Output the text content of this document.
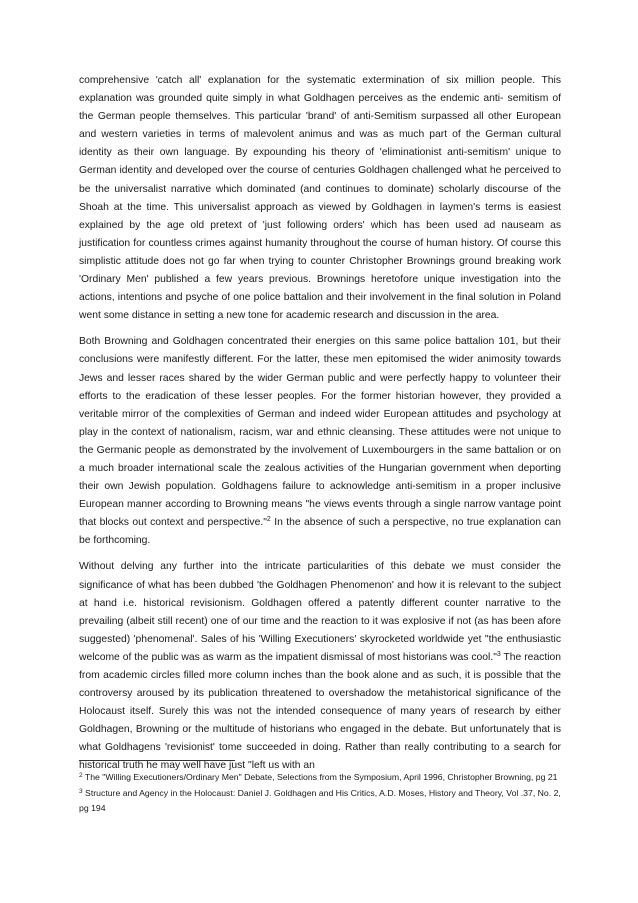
comprehensive 'catch all' explanation for the systematic extermination of six million people. This explanation was grounded quite simply in what Goldhagen perceives as the endemic anti- semitism of the German people themselves. This particular 'brand' of anti-Semitism surpassed all other European and western varieties in terms of malevolent animus and was as much part of the German cultural identity as their own language. By expounding his theory of 'eliminationist anti-semitism' unique to German identity and developed over the course of centuries Goldhagen challenged what he perceived to be the universalist narrative which dominated (and continues to dominate) scholarly discourse of the Shoah at the time. This universalist approach as viewed by Goldhagen in laymen's terms is easiest explained by the age old pretext of 'just following orders' which has been used ad nauseam as justification for countless crimes against humanity throughout the course of human history. Of course this simplistic attitude does not go far when trying to counter Christopher Brownings ground breaking work 'Ordinary Men' published a few years previous. Brownings heretofore unique investigation into the actions, intentions and psyche of one police battalion and their involvement in the final solution in Poland went some distance in setting a new tone for academic research and discussion in the area.

Both Browning and Goldhagen concentrated their energies on this same police battalion 101, but their conclusions were manifestly different. For the latter, these men epitomised the wider animosity towards Jews and lesser races shared by the wider German public and were perfectly happy to volunteer their efforts to the eradication of these lesser peoples. For the former historian however, they provided a veritable mirror of the complexities of German and indeed wider European attitudes and psychology at play in the context of nationalism, racism, war and ethnic cleansing. These attitudes were not unique to the Germanic people as demonstrated by the involvement of Luxembourgers in the same battalion or on a much broader international scale the zealous activities of the Hungarian government when deporting their own Jewish population. Goldhagens failure to acknowledge anti-semitism in a proper inclusive European manner according to Browning means "he views events through a single narrow vantage point that blocks out context and perspective."$^2$ In the absence of such a perspective, no true explanation can be forthcoming.

Without delving any further into the intricate particularities of this debate we must consider the significance of what has been dubbed 'the Goldhagen Phenomenon' and how it is relevant to the subject at hand i.e. historical revisionism. Goldhagen offered a patently different counter narrative to the prevailing (albeit still recent) one of our time and the reaction to it was explosive if not (as has been afore suggested) 'phenomenal'. Sales of his 'Willing Executioners' skyrocketed worldwide yet "the enthusiastic welcome of the public was as warm as the impatient dismissal of most historians was cool."$^3$ The reaction from academic circles filled more column inches than the book alone and as such, it is possible that the controversy aroused by its publication threatened to overshadow the metahistorical significance of the Holocaust itself. Surely this was not the intended consequence of many years of research by either Goldhagen, Browning or the multitude of historians who engaged in the debate. But unfortunately that is what Goldhagens 'revisionist' tome succeeded in doing. Rather than really contributing to a search for historical truth he may well have just "left us with an

$^2$ The "Willing Executioners/Ordinary Men" Debate, Selections from the Symposium, April 1996, Christopher Browning, pg 21

$^3$ Structure and Agency in the Holocaust: Daniel J. Goldhagen and His Critics, A.D. Moses, History and Theory, Vol .37, No. 2, pg 194
